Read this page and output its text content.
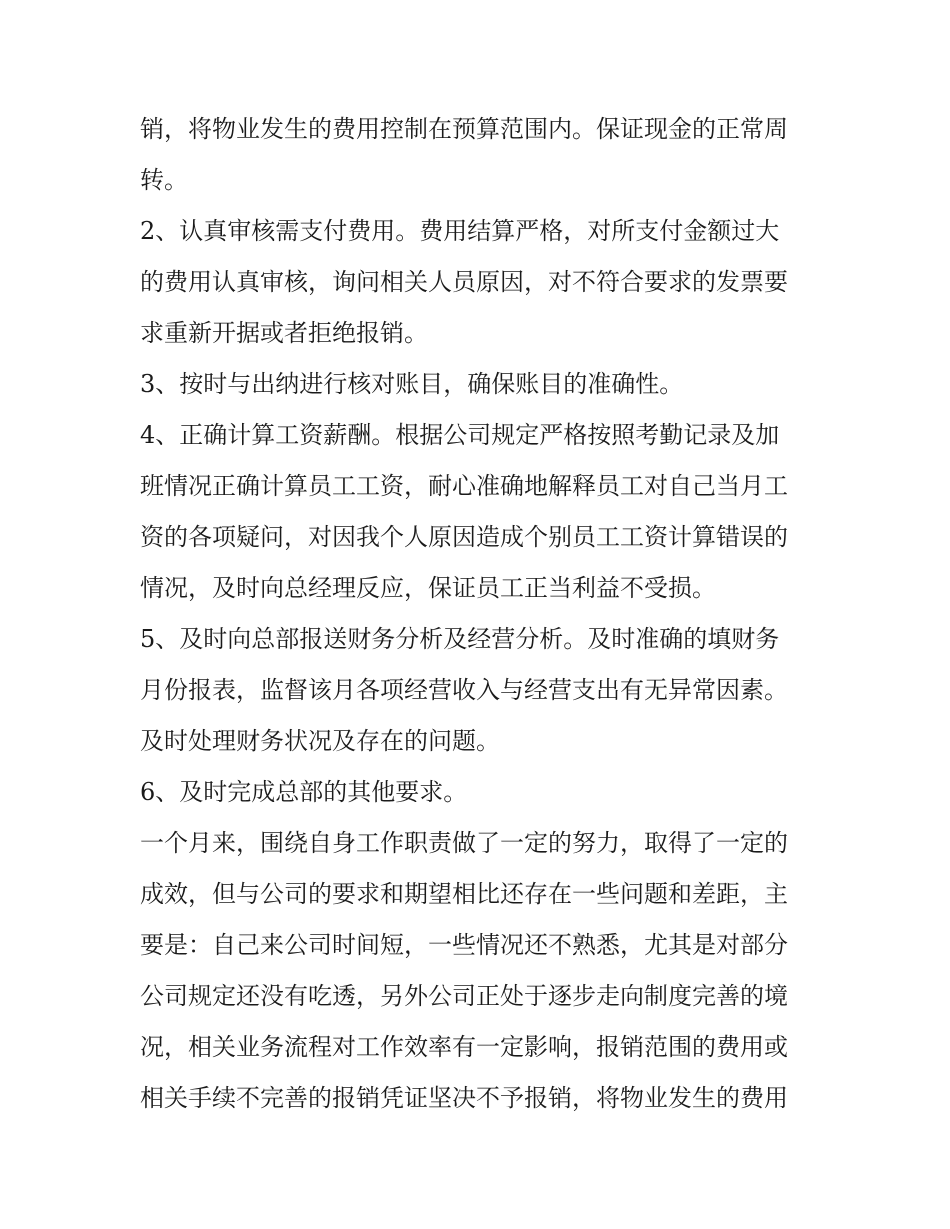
销，将物业发生的费用控制在预算范围内。保证现金的正常周
转。
2、认真审核需支付费用。费用结算严格，对所支付金额过大
的费用认真审核，询问相关人员原因，对不符合要求的发票要
求重新开据或者拒绝报销。
3、按时与出纳进行核对账目，确保账目的准确性。
4、正确计算工资薪酬。根据公司规定严格按照考勤记录及加
班情况正确计算员工工资，耐心准确地解释员工对自己当月工
资的各项疑问，对因我个人原因造成个别员工工资计算错误的
情况，及时向总经理反应，保证员工正当利益不受损。
5、及时向总部报送财务分析及经营分析。及时准确的填财务
月份报表，监督该月各项经营收入与经营支出有无异常因素。
及时处理财务状况及存在的问题。
6、及时完成总部的其他要求。
一个月来，围绕自身工作职责做了一定的努力，取得了一定的
成效，但与公司的要求和期望相比还存在一些问题和差距，主
要是：自己来公司时间短，一些情况还不熟悉，尤其是对部分
公司规定还没有吃透，另外公司正处于逐步走向制度完善的境
况，相关业务流程对工作效率有一定影响，报销范围的费用或
相关手续不完善的报销凭证坚决不予报销，将物业发生的费用
